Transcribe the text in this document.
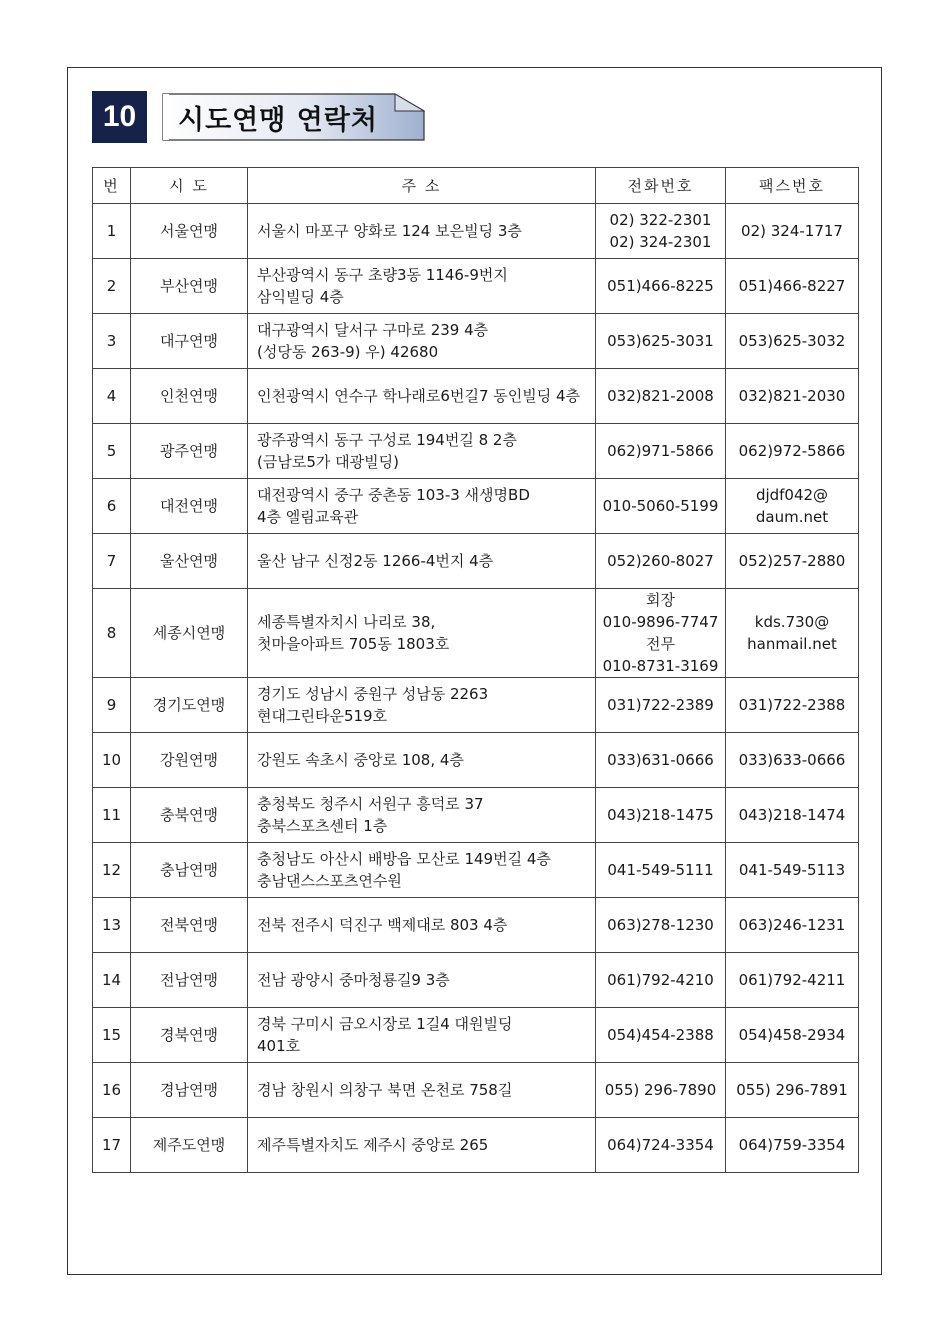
10 시도연맹 연락처
번	시 도	주 소	전화번호	팩스번호
1	서울연맹	서울시 마포구 양화로 124 보은빌딩 3층	02) 322-2301
02) 324-2301	02) 324-1717

2	부산연맹	부산광역시 동구 초량3동 1146-9번지
삼익빌딩 4층	051)466-8225	051)466-8227

3	대구연맹	대구광역시 달서구 구마로 239 4층
(성당동 263-9) 우) 42680	053)625-3031	053)625-3032

4	인천연맹	인천광역시 연수구 학나래로6번길7 동인빌딩 4층	032)821-2008	032)821-2030

5	광주연맹	광주광역시 동구 구성로 194번길 8 2층
(금남로5가 대광빌딩)	062)971-5866	062)972-5866

6	대전연맹	대전광역시 중구 중촌동 103-3 새생명BD
4층 엘림교육관	010-5060-5199	djdf042@
daum.net

7	울산연맹	울산 남구 신정2동 1266-4번지 4층	052)260-8027	052)257-2880

8	세종시연맹	세종특별자치시 나리로 38,
첫마을아파트 705동 1803호	회장
010-9896-7747
전무
010-8731-3169	kds.730@
hanmail.net

9	경기도연맹	경기도 성남시 중원구 성남동 2263
현대그린타운519호	031)722-2389	031)722-2388

10	강원연맹	강원도 속초시 중앙로 108, 4층	033)631-0666	033)633-0666

11	충북연맹	충청북도 청주시 서원구 흥덕로 37
충북스포츠센터 1층	043)218-1475	043)218-1474

12	충남연맹	충청남도 아산시 배방읍 모산로 149번길 4층
충남댄스스포츠연수원	041-549-5111	041-549-5113

13	전북연맹	전북 전주시 덕진구 백제대로 803 4층	063)278-1230	063)246-1231

14	전남연맹	전남 광양시 중마청룡길9 3층	061)792-4210	061)792-4211

15	경북연맹	경북 구미시 금오시장로 1길4 대원빌딩
401호	054)454-2388	054)458-2934

16	경남연맹	경남 창원시 의창구 북면 온천로 758길	055) 296-7890	055) 296-7891

17	제주도연맹	제주특별자치도 제주시 중앙로 265	064)724-3354	064)759-3354
